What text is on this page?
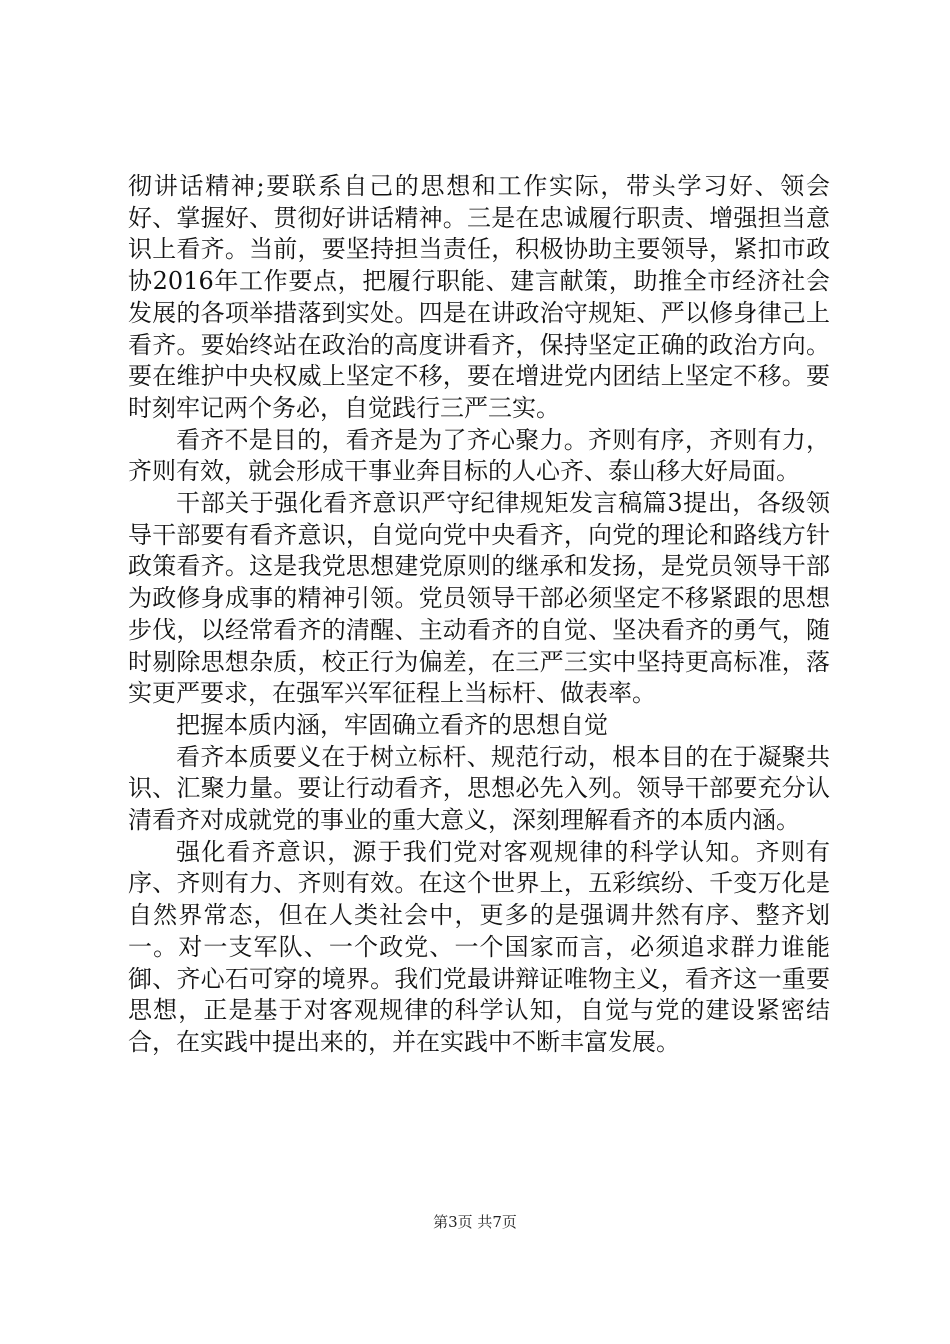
彻讲话精神;要联系自己的思想和工作实际，带头学习好、领会好、掌握好、贯彻好讲话精神。三是在忠诚履行职责、增强担当意识上看齐。当前，要坚持担当责任，积极协助主要领导，紧扣市政协2016年工作要点，把履行职能、建言献策，助推全市经济社会发展的各项举措落到实处。四是在讲政治守规矩、严以修身律己上看齐。要始终站在政治的高度讲看齐，保持坚定正确的政治方向。要在维护中央权威上坚定不移，要在增进党内团结上坚定不移。要时刻牢记两个务必，自觉践行三严三实。

看齐不是目的，看齐是为了齐心聚力。齐则有序，齐则有力，齐则有效，就会形成干事业奔目标的人心齐、泰山移大好局面。

干部关于强化看齐意识严守纪律规矩发言稿篇3提出，各级领导干部要有看齐意识，自觉向党中央看齐，向党的理论和路线方针政策看齐。这是我党思想建党原则的继承和发扬，是党员领导干部为政修身成事的精神引领。党员领导干部必须坚定不移紧跟的思想步伐，以经常看齐的清醒、主动看齐的自觉、坚决看齐的勇气，随时剔除思想杂质，校正行为偏差，在三严三实中坚持更高标准，落实更严要求，在强军兴军征程上当标杆、做表率。

把握本质内涵，牢固确立看齐的思想自觉

看齐本质要义在于树立标杆、规范行动，根本目的在于凝聚共识、汇聚力量。要让行动看齐，思想必先入列。领导干部要充分认清看齐对成就党的事业的重大意义，深刻理解看齐的本质内涵。

强化看齐意识，源于我们党对客观规律的科学认知。齐则有序、齐则有力、齐则有效。在这个世界上，五彩缤纷、千变万化是自然界常态，但在人类社会中，更多的是强调井然有序、整齐划一。对一支军队、一个政党、一个国家而言，必须追求群力谁能御、齐心石可穿的境界。我们党最讲辩证唯物主义，看齐这一重要思想，正是基于对客观规律的科学认知，自觉与党的建设紧密结合，在实践中提出来的，并在实践中不断丰富发展。

第3页 共7页
